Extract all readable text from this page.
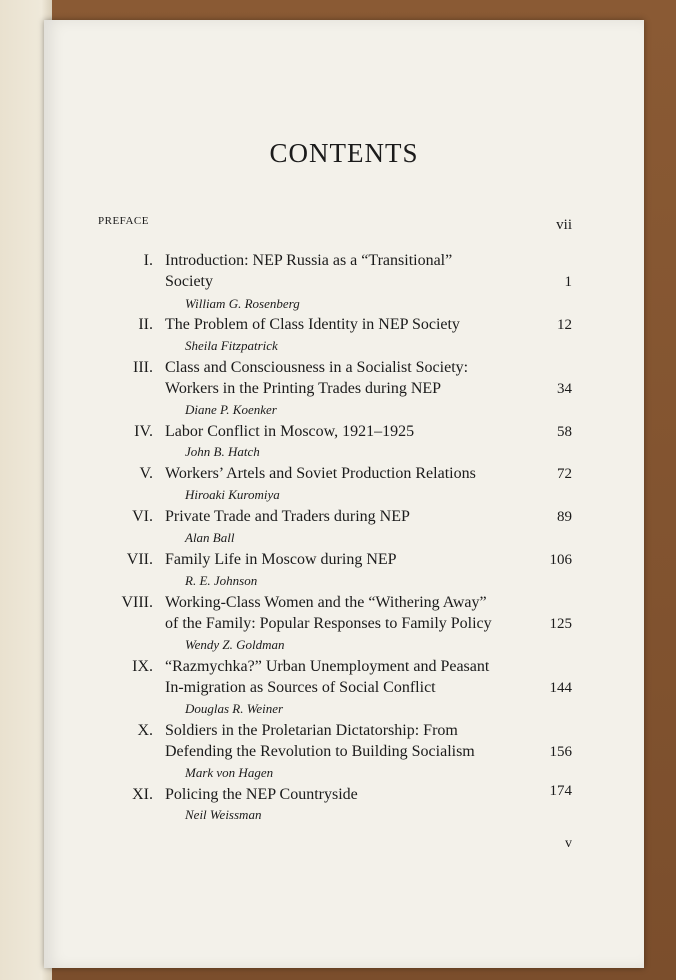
CONTENTS
PREFACE	vii
I. Introduction: NEP Russia as a “Transitional”
Society	1
William G. Rosenberg
II. The Problem of Class Identity in NEP Society	12
Sheila Fitzpatrick
III. Class and Consciousness in a Socialist Society:
Workers in the Printing Trades during NEP	34
Diane P. Koenker
IV. Labor Conflict in Moscow, 1921–1925	58
John B. Hatch
V. Workers’ Artels and Soviet Production Relations	72
Hiroaki Kuromiya
VI. Private Trade and Traders during NEP	89
Alan Ball
VII. Family Life in Moscow during NEP	106
R. E. Johnson
VIII. Working-Class Women and the “Withering Away”
of the Family: Popular Responses to Family Policy	125
Wendy Z. Goldman
IX. “Razmychka?” Urban Unemployment and Peasant
In-migration as Sources of Social Conflict	144
Douglas R. Weiner
X. Soldiers in the Proletarian Dictatorship: From
Defending the Revolution to Building Socialism	156
Mark von Hagen
XI. Policing the NEP Countryside	174
Neil Weissman
v
